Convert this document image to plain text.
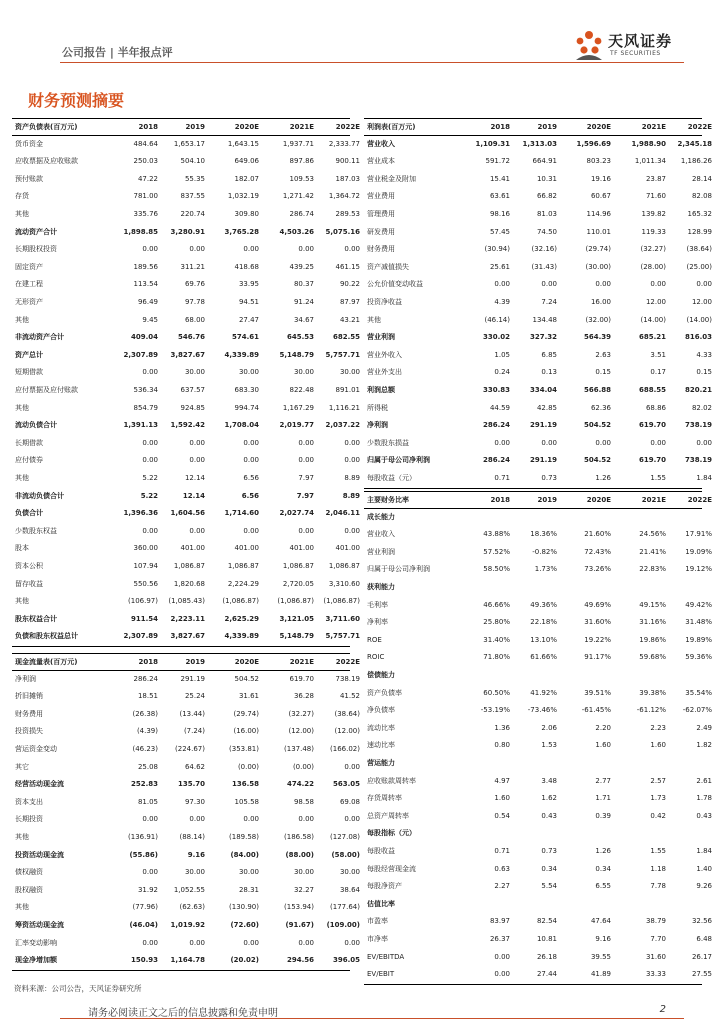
公司报告 | 半年报点评
天风证券
TF SECURITIES
财务预测摘要
资产负债表(百万元)	2018	2019	2020E	2021E	2022E
货币资金	484.64	1,653.17	1,643.15	1,937.71	2,333.77
应收票据及应收账款	250.03	504.10	649.06	897.86	900.11
预付账款	47.22	55.35	182.07	109.53	187.03
存货	781.00	837.55	1,032.19	1,271.42	1,364.72
其他	335.76	220.74	309.80	286.74	289.53
流动资产合计	1,898.85	3,280.91	3,765.28	4,503.26	5,075.16
长期股权投资	0.00	0.00	0.00	0.00	0.00
固定资产	189.56	311.21	418.68	439.25	461.15
在建工程	113.54	69.76	33.95	80.37	90.22
无形资产	96.49	97.78	94.51	91.24	87.97
其他	9.45	68.00	27.47	34.67	43.21
非流动资产合计	409.04	546.76	574.61	645.53	682.55
资产总计	2,307.89	3,827.67	4,339.89	5,148.79	5,757.71
短期借款	0.00	30.00	30.00	30.00	30.00
应付票据及应付账款	536.34	637.57	683.30	822.48	891.01
其他	854.79	924.85	994.74	1,167.29	1,116.21
流动负债合计	1,391.13	1,592.42	1,708.04	2,019.77	2,037.22
长期借款	0.00	0.00	0.00	0.00	0.00
应付债券	0.00	0.00	0.00	0.00	0.00
其他	5.22	12.14	6.56	7.97	8.89
非流动负债合计	5.22	12.14	6.56	7.97	8.89
负债合计	1,396.36	1,604.56	1,714.60	2,027.74	2,046.11
少数股东权益	0.00	0.00	0.00	0.00	0.00
股本	360.00	401.00	401.00	401.00	401.00
资本公积	107.94	1,086.87	1,086.87	1,086.87	1,086.87
留存收益	550.56	1,820.68	2,224.29	2,720.05	3,310.60
其他	(106.97)	(1,085.43)	(1,086.87)	(1,086.87)	(1,086.87)
股东权益合计	911.54	2,223.11	2,625.29	3,121.05	3,711.60
负债和股东权益总计	2,307.89	3,827.67	4,339.89	5,148.79	5,757.71
利润表(百万元)	2018	2019	2020E	2021E	2022E
营业收入	1,109.31	1,313.03	1,596.69	1,988.90	2,345.18
营业成本	591.72	664.91	803.23	1,011.34	1,186.26
营业税金及附加	15.41	10.31	19.16	23.87	28.14
营业费用	63.61	66.82	60.67	71.60	82.08
管理费用	98.16	81.03	114.96	139.82	165.32
研发费用	57.45	74.50	110.01	119.33	128.99
财务费用	(30.94)	(32.16)	(29.74)	(32.27)	(38.64)
资产减值损失	25.61	(31.43)	(30.00)	(28.00)	(25.00)
公允价值变动收益	0.00	0.00	0.00	0.00	0.00
投资净收益	4.39	7.24	16.00	12.00	12.00
其他	(46.14)	134.48	(32.00)	(14.00)	(14.00)
营业利润	330.02	327.32	564.39	685.21	816.03
营业外收入	1.05	6.85	2.63	3.51	4.33
营业外支出	0.24	0.13	0.15	0.17	0.15
利润总额	330.83	334.04	566.88	688.55	820.21
所得税	44.59	42.85	62.36	68.86	82.02
净利润	286.24	291.19	504.52	619.70	738.19
少数股东损益	0.00	0.00	0.00	0.00	0.00
归属于母公司净利润	286.24	291.19	504.52	619.70	738.19
每股收益（元）	0.71	0.73	1.26	1.55	1.84
主要财务比率	2018	2019	2020E	2021E	2022E
成长能力
营业收入	43.88%	18.36%	21.60%	24.56%	17.91%
营业利润	57.52%	-0.82%	72.43%	21.41%	19.09%
归属于母公司净利润	58.50%	1.73%	73.26%	22.83%	19.12%
获利能力
毛利率	46.66%	49.36%	49.69%	49.15%	49.42%
净利率	25.80%	22.18%	31.60%	31.16%	31.48%
ROE	31.40%	13.10%	19.22%	19.86%	19.89%
ROIC	71.80%	61.66%	91.17%	59.68%	59.36%
偿债能力
资产负债率	60.50%	41.92%	39.51%	39.38%	35.54%
净负债率	-53.19%	-73.46%	-61.45%	-61.12%	-62.07%
流动比率	1.36	2.06	2.20	2.23	2.49
速动比率	0.80	1.53	1.60	1.60	1.82
营运能力
应收账款周转率	4.97	3.48	2.77	2.57	2.61
存货周转率	1.60	1.62	1.71	1.73	1.78
总资产周转率	0.54	0.43	0.39	0.42	0.43
每股指标（元）
每股收益	0.71	0.73	1.26	1.55	1.84
每股经营现金流	0.63	0.34	0.34	1.18	1.40
每股净资产	2.27	5.54	6.55	7.78	9.26
估值比率
市盈率	83.97	82.54	47.64	38.79	32.56
市净率	26.37	10.81	9.16	7.70	6.48
EV/EBITDA	0.00	26.18	39.55	31.60	26.17
EV/EBIT	0.00	27.44	41.89	33.33	27.55
现金流量表(百万元)	2018	2019	2020E	2021E	2022E
净利润	286.24	291.19	504.52	619.70	738.19
折旧摊销	18.51	25.24	31.61	36.28	41.52
财务费用	(26.38)	(13.44)	(29.74)	(32.27)	(38.64)
投资损失	(4.39)	(7.24)	(16.00)	(12.00)	(12.00)
营运资金变动	(46.23)	(224.67)	(353.81)	(137.48)	(166.02)
其它	25.08	64.62	(0.00)	(0.00)	0.00
经营活动现金流	252.83	135.70	136.58	474.22	563.05
资本支出	81.05	97.30	105.58	98.58	69.08
长期投资	0.00	0.00	0.00	0.00	0.00
其他	(136.91)	(88.14)	(189.58)	(186.58)	(127.08)
投资活动现金流	(55.86)	9.16	(84.00)	(88.00)	(58.00)
债权融资	0.00	30.00	30.00	30.00	30.00
股权融资	31.92	1,052.55	28.31	32.27	38.64
其他	(77.96)	(62.63)	(130.90)	(153.94)	(177.64)
筹资活动现金流	(46.04)	1,019.92	(72.60)	(91.67)	(109.00)
汇率变动影响	0.00	0.00	0.00	0.00	0.00
现金净增加额	150.93	1,164.78	(20.02)	294.56	396.05
资料来源：公司公告，天风证券研究所
请务必阅读正文之后的信息披露和免责申明	2
